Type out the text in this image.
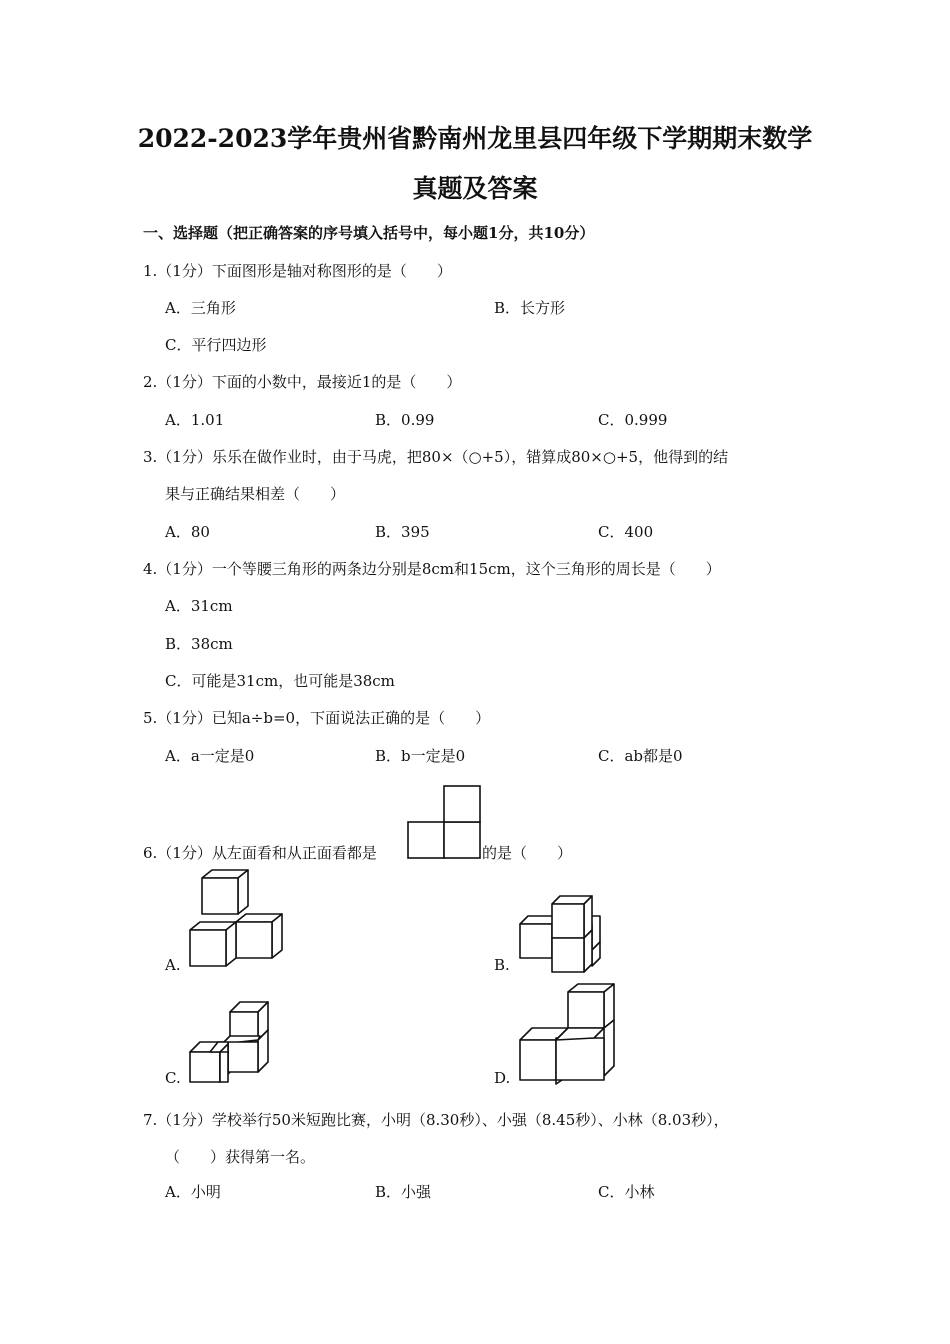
2022-2023学年贵州省黔南州龙里县四年级下学期期末数学
真题及答案
一、选择题（把正确答案的序号填入括号中，每小题1分，共10分）
1.（1分）下面图形是轴对称图形的是（　　）
A．三角形	B．长方形
C．平行四边形
2.（1分）下面的小数中，最接近1的是（　　）
A．1.01	B．0.99	C．0.999
3.（1分）乐乐在做作业时，由于马虎，把80×（○+5），错算成80×○+5，他得到的结
果与正确结果相差（　　）
A．80	B．395	C．400
4.（1分）一个等腰三角形的两条边分别是8cm和15cm，这个三角形的周长是（　　）
A．31cm
B．38cm
C．可能是31cm，也可能是38cm
5.（1分）已知a÷b=0，下面说法正确的是（　　）
A．a一定是0	B．b一定是0	C．ab都是0
6.（1分）从左面看和从正面看都是	的是（　　）
A.	B.
C.	D.
7.（1分）学校举行50米短跑比赛，小明（8.30秒）、小强（8.45秒）、小林（8.03秒），
（　　）获得第一名。
A．小明	B．小强	C．小林
